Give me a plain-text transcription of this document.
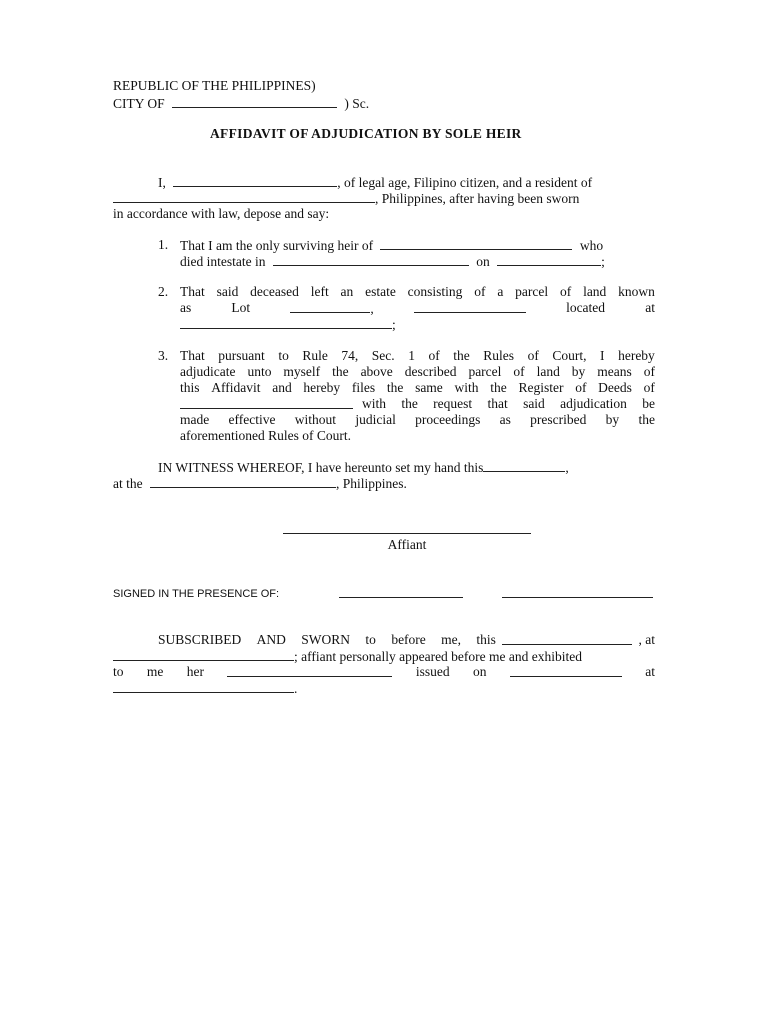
REPUBLIC OF THE PHILIPPINES)
CITY OF	) Sc.
AFFIDAVIT OF ADJUDICATION BY SOLE HEIR
I,	, of legal age, Filipino citizen, and a resident of
, Philippines, after having been sworn
in accordance with law, depose and say:
1. That I am the only surviving heir of	who
died intestate in	on	;
2. That said deceased left an estate consisting of a parcel of land known
as	Lot	,	located	at
;
3. That pursuant to Rule 74, Sec. 1 of the Rules of Court, I hereby
adjudicate unto myself the above described parcel of land by means of
this Affidavit and hereby files the same with the Register of Deeds of
with the request that said adjudication be
made effective without judicial proceedings as prescribed by the
aforementioned Rules of Court.
IN WITNESS WHEREOF, I have hereunto set my hand this	,
at the	, Philippines.
Affiant
SIGNED IN THE PRESENCE OF:
SUBSCRIBED AND SWORN to before me, this	, at
; affiant personally appeared before me and exhibited
to me her	issued on	at
.
